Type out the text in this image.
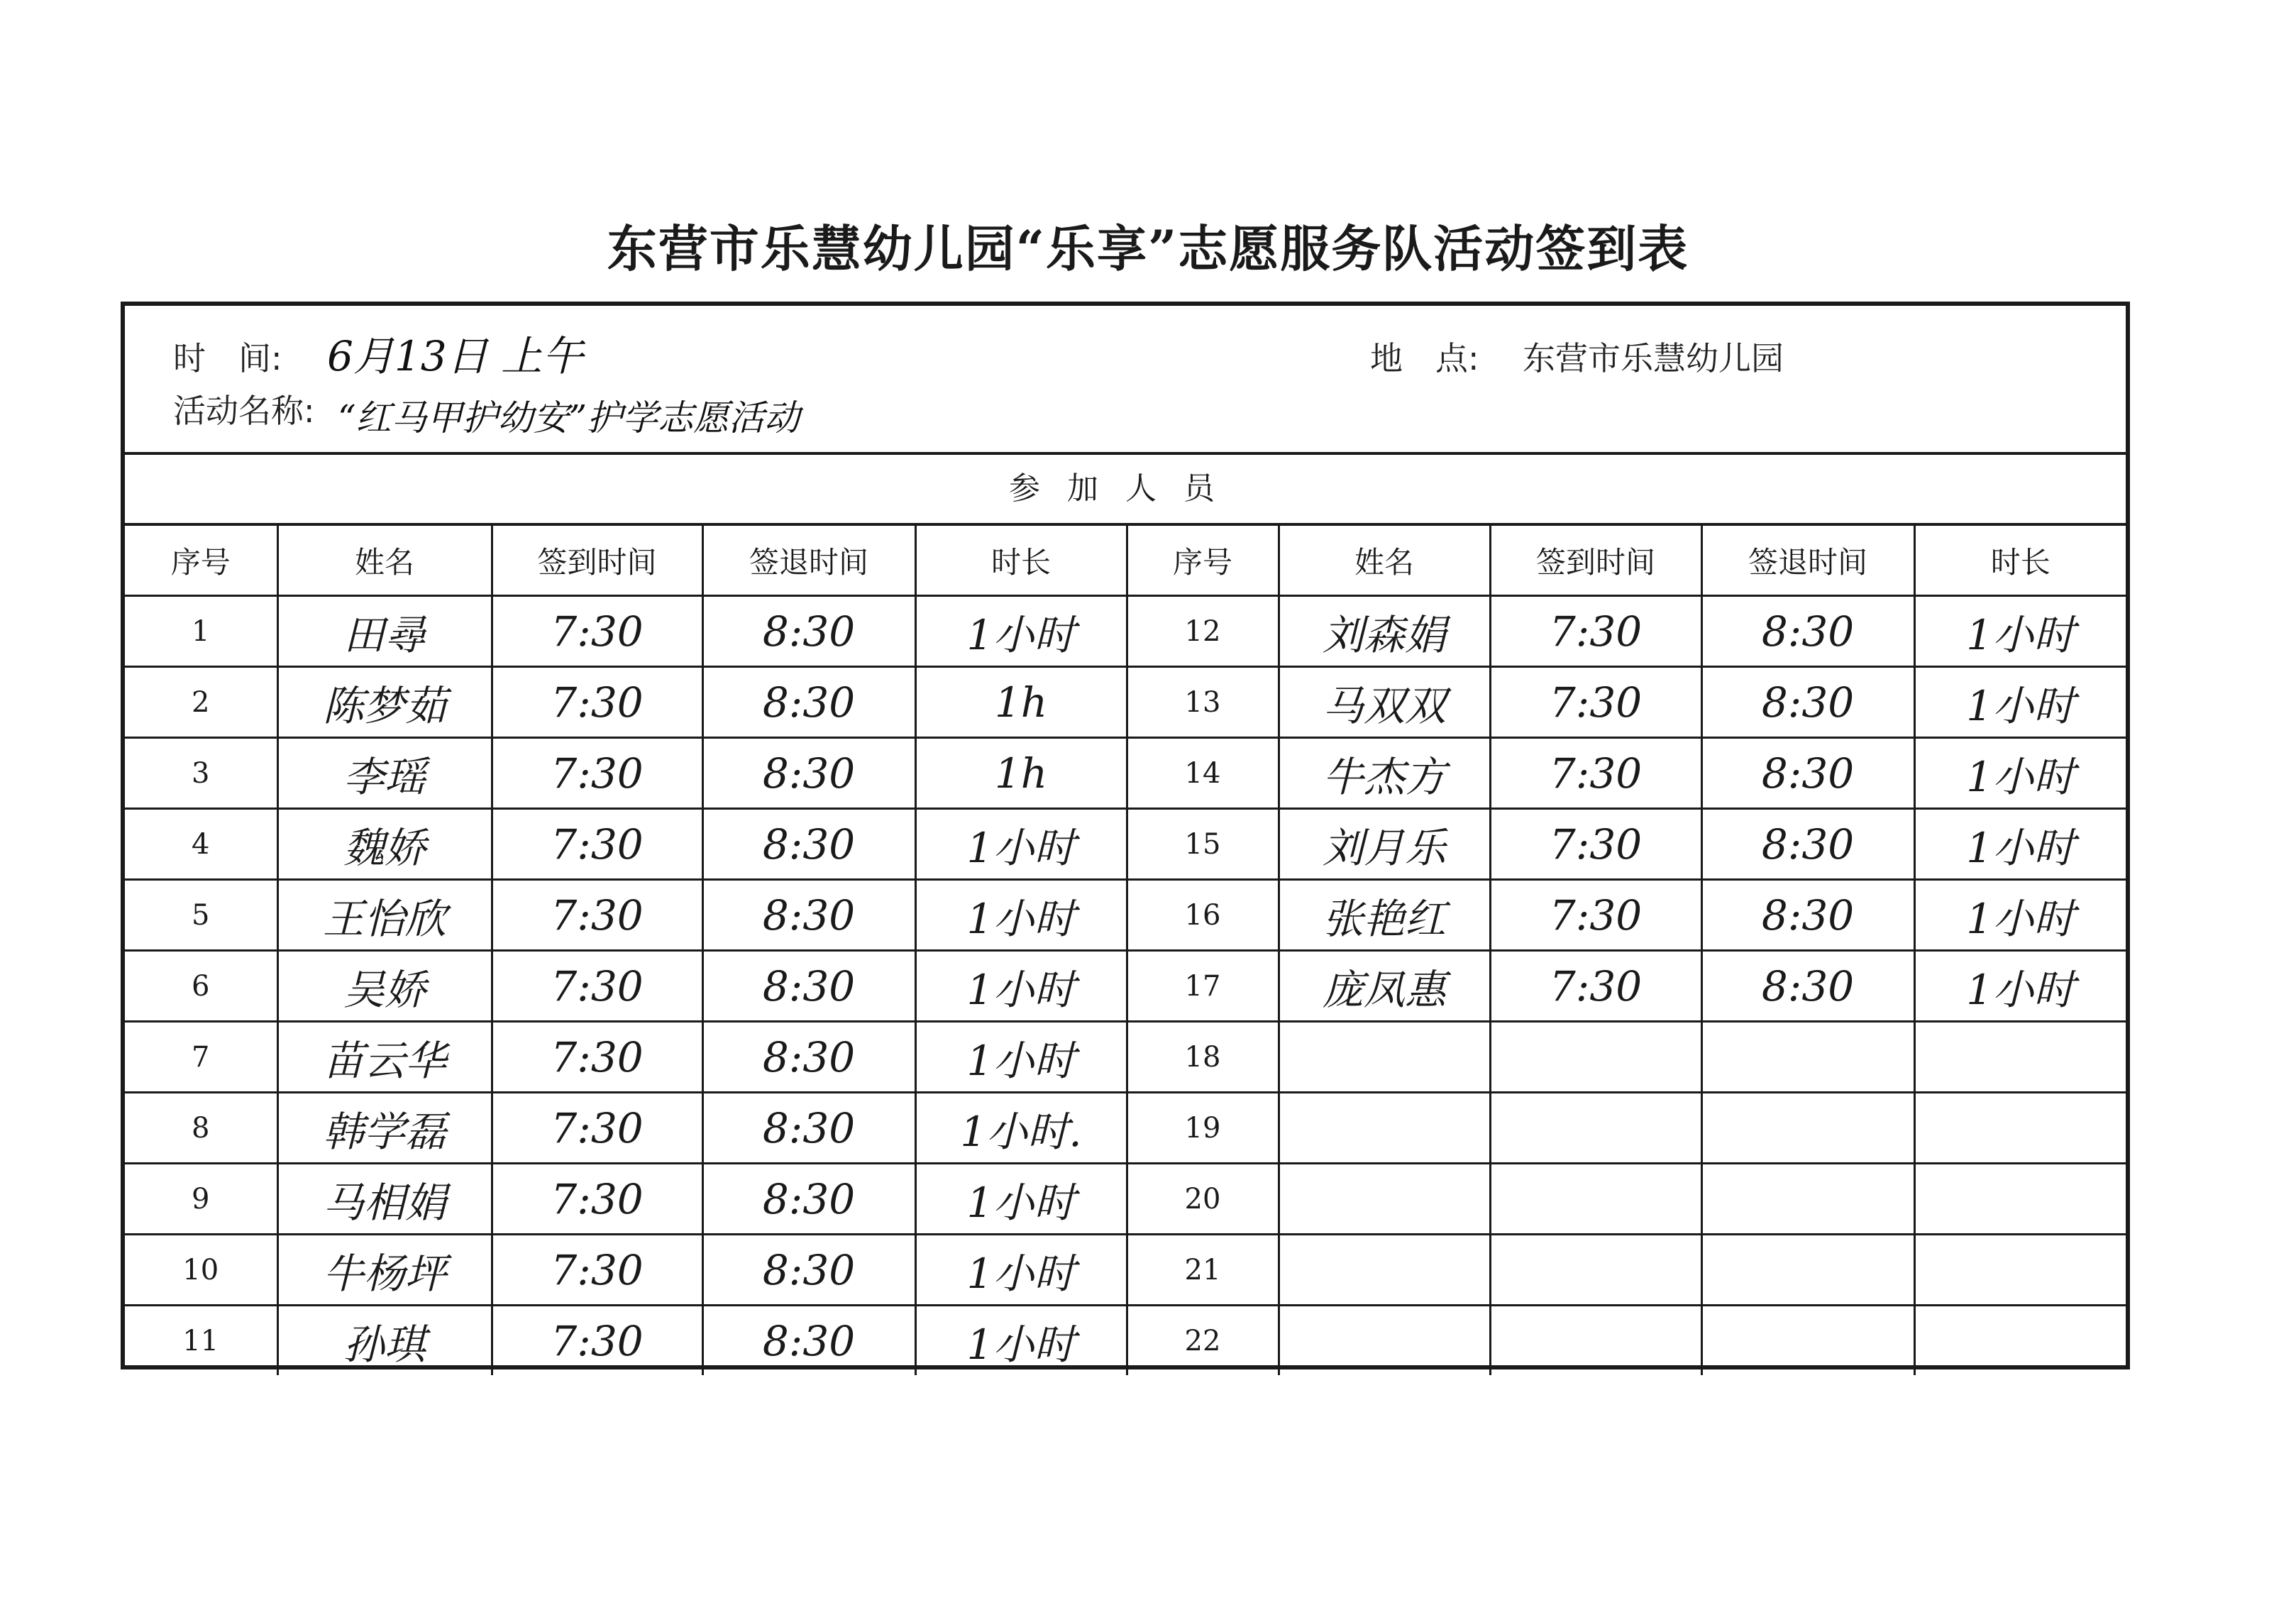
东营市乐慧幼儿园“乐享”志愿服务队活动签到表
时　间: 6月13日 上午	地　点: 东营市乐慧幼儿园
活动名称: “红马甲护幼安”护学志愿活动
参加人员
序号	姓名	签到时间	签退时间	时长	序号	姓名	签到时间	签退时间	时长
1	田尋	7:30	8:30	1小时	12	刘森娟	7:30	8:30	1小时
2	陈梦茹	7:30	8:30	1h	13	马双双	7:30	8:30	1小时
3	李瑶	7:30	8:30	1h	14	牛杰方	7:30	8:30	1小时
4	魏娇	7:30	8:30	1小时	15	刘月乐	7:30	8:30	1小时
5	王怡欣	7:30	8:30	1小时	16	张艳红	7:30	8:30	1小时
6	吴娇	7:30	8:30	1小时	17	庞凤惠	7:30	8:30	1小时
7	苗云华	7:30	8:30	1小时	18				
8	韩学磊	7:30	8:30	1小时.	19				
9	马相娟	7:30	8:30	1小时	20				
10	牛杨坪	7:30	8:30	1小时	21				
11	孙琪	7:30	8:30	1小时	22				
